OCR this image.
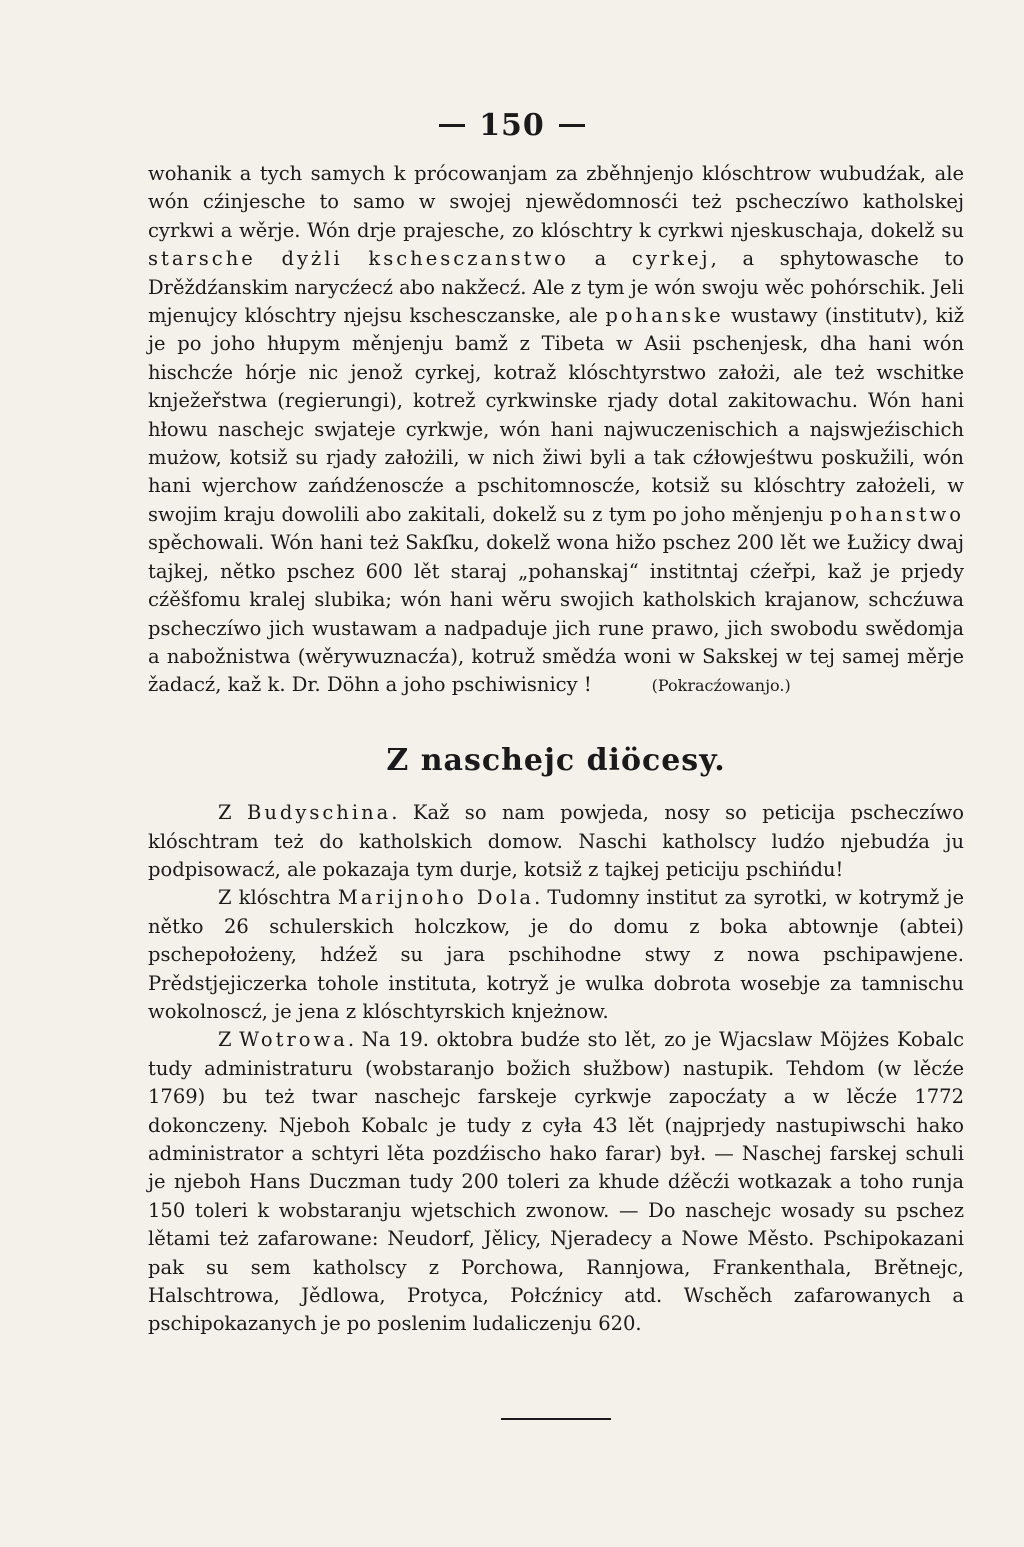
150

wohanik a tych samych k prócowanjam za zběhnjenjo klóschtrow wubudźak, ale wón cźinjesche to samo w swojej njewědomnosći też pscheczíwo katholskej cyrkwi a wěrje. Wón drje prajesche, zo klóschtry k cyrkwi njeskuschaja, dokelž su starsche dyżli kschesczanstwo a cyrkej, a sphytowasche to Drěždźanskim narycźecź abo nakžecź. Ale z tym je wón swoju wěc pohórschik. Jeli mjenujcy klóschtry njejsu kschesczanske, ale pohanske wustawy (institutv), kiž je po joho hłupym měnjenju bamž z Tibeta w Asii pschenjesk, dha hani wón hischcźe hórje nic jenož cyrkej, kotraž klóschtyrstwo założi, ale też wschitke knježeřstwa (regierungi), kotrež cyrkwinske rjady dotal zakitowachu. Wón hani hłowu naschejc swjateje cyrkwje, wón hani najwuczenischich a najswjeźischich mużow, kotsiž su rjady założili, w nich žiwi byli a tak cźłowjeśtwu poskužili, wón hani wjerchow zańdźenoscźe a pschitomnoscźe, kotsiž su klóschtry założeli, w swojim kraju dowolili abo zakitali, dokelž su z tym po joho měnjenju pohanstwo spěchowali. Wón hani też Sakſku, dokelž wona hižo pschez 200 lět we Łužicy dwaj tajkej, nětko pschez 600 lět staraj „pohanskaj“ institntaj cźeřpi, kaž je prjedy cźěšfomu kralej slubika; wón hani wěru swojich katholskich krajanow, schcźuwa pscheczíwo jich wustawam a nadpaduje jich rune prawo, jich swobodu swědomja a nabožnistwa (wěrywuznacźa), kotruž smědźa woni w Sakskej w tej samej měrje žadacź, kaž k. Dr. Döhn a joho pschiwisnicy !	(Pokracźowanjo.)

Z naschejc diöcesy.

Z Budyschina. Kaž so nam powjeda, nosy so peticija pscheczíwo klóschtram też do katholskich domow. Naschi katholscy ludźo njebudźa ju podpisowacź, ale pokazaja tym durje, kotsiž z tajkej peticiju pschińdu!

Z klóschtra Marijnoho Dola. Tudomny institut za syrotki, w kotrymž je nětko 26 schulerskich holczkow, je do domu z boka abtownje (abtei) pschepołożeny, hdźež su jara pschihodne stwy z nowa pschipawjene. Prědstjejiczerka tohole instituta, kotryž je wulka dobrota wosebje za tamnischu wokolnoscź, je jena z klóschtyrskich knjeżnow.

Z Wotrowa. Na 19. oktobra budźe sto lět, zo je Wjacslaw Möjżes Kobalc tudy administraturu (wobstaranjo božich słužbow) nastupik. Tehdom (w lěcźe 1769) bu też twar naschejc farskeje cyrkwje zapocźaty a w lěcźe 1772 dokonczeny. Njeboh Kobalc je tudy z cyła 43 lět (najprjedy nastupiwschi hako administrator a schtyri lěta pozdźischo hako farar) był. — Naschej farskej schuli je njeboh Hans Duczman tudy 200 toleri za khude dźěcźi wotkazak a toho runja 150 toleri k wobstaranju wjetschich zwonow. — Do naschejc wosady su pschez lětami też zafarowane: Neudorf, Jělicy, Njeradecy a Nowe Město. Pschipokazani pak su sem katholscy z Porchowa, Rannjowa, Frankenthala, Brětnejc, Halschtrowa, Jědlowa, Protyca, Połcźnicy atd. Wschěch zafarowanych a pschipokazanych je po poslenim ludaliczenju 620.
